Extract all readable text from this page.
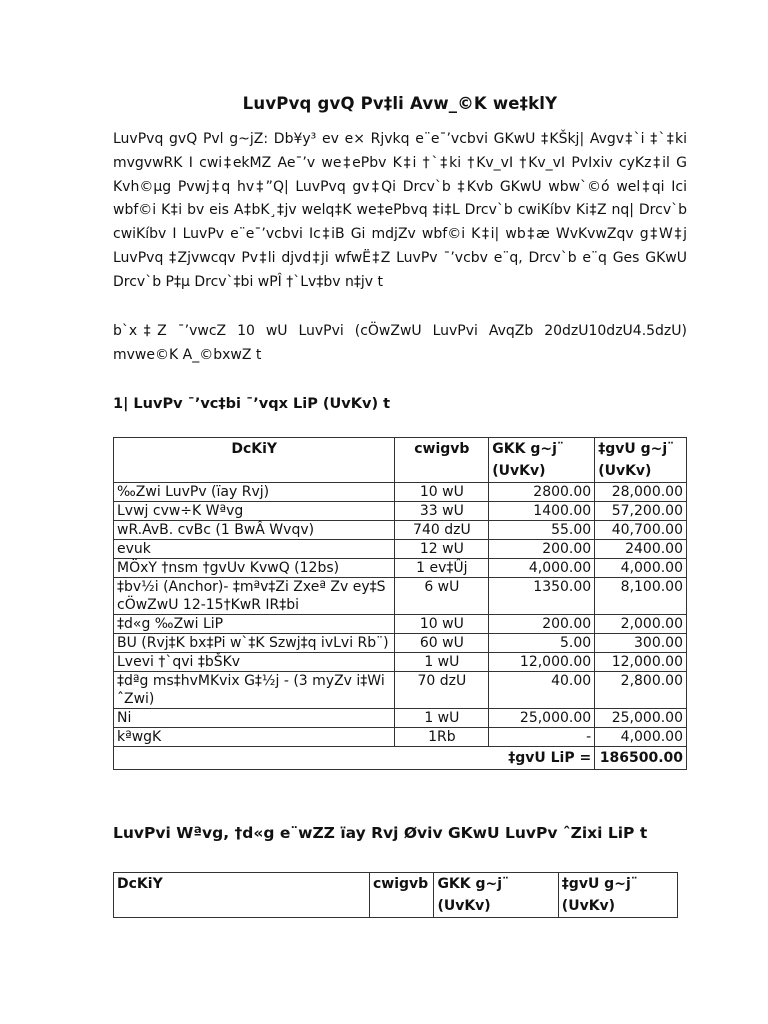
LuvPvq gvQ Pv‡li Avw_©K we‡klY
LuvPvq gvQ Pvl g~jZ: Db¥y³ ev e× Rjvkq e¨e¯’vcbvi GKwU ‡KŠkj| Avgv‡`i ‡`‡ki mvgvwRK I cwi‡ekMZ Ae¯’v we‡ePbv K‡i †`‡ki †Kv_vI †Kv_vI PvIxiv cyKz‡il G Kvh©µg Pvwj‡q hv‡”Q| LuvPvq gv‡Qi Drcv`b ‡Kvb GKwU wbw`©ó wel‡qi Ici wbf©i K‡i bv eis A‡bK¸‡jv welq‡K we‡ePbvq ‡i‡L Drcv`b cwiKíbv Ki‡Z nq| Drcv`b cwiKíbv I LuvPv e¨e¯’vcbvi Ic‡iB Gi mdjZv wbf©i K‡i| wb‡æ WvKvwZqv g‡W‡j LuvPvq ‡Zjvwcqv Pv‡li djvd‡ji wfwË‡Z LuvPv ¯’vcbv e¨q, Drcv`b e¨q Ges GKwU Drcv`b P‡µ Drcv`‡bi wPÎ †`Lv‡bv n‡jv t
b`x‡Z ¯’vwcZ 10 wU LuvPvi (cÖwZwU LuvPvi AvqZb 20dzU10dzU4.5dzU) mvwe©K A_©bxwZ t
1| LuvPv ¯’vc‡bi ¯’vqx LiP (UvKv) t
DcKiY	cwigvb	GKK g~j¨ (UvKv)	‡gvU g~j¨ (UvKv)
‰Zwi LuvPv (ïay Rvj)	10 wU	2800.00	28,000.00
Lvwj cvw÷K Wªvg	33 wU	1400.00	57,200.00
wR.AvB. cvBc (1 BwÂ Wvqv)	740 dzU	55.00	40,700.00
evuk	12 wU	200.00	2400.00
MÖxY †nsm †gvUv KvwQ (12bs)	1 ev‡Ûj	4,000.00	4,000.00
‡bv½i (Anchor)- ‡mªv‡Zi Zxeª Zv ey‡S cÖwZwU 12-15†KwR IR‡bi	6 wU	1350.00	8,100.00
‡d«g ‰Zwi LiP	10 wU	200.00	2,000.00
BU (Rvj‡K bx‡Pi w`‡K Szwj‡q ivLvi Rb¨)	60 wU	5.00	300.00
Lvevi †`qvi ‡bŠKv	1 wU	12,000.00	12,000.00
‡dªg ms‡hvMKvix G‡½j - (3 myZv i‡Wi ˆZwi)	70 dzU	40.00	2,800.00
Ni	1 wU	25,000.00	25,000.00
kªwgK	1Rb	-	4,000.00
‡gvU LiP =			186500.00
LuvPvi Wªvg, †d«g e¨wZZ ïay Rvj Øviv GKwU LuvPv ˆZixi LiP t
DcKiY	cwigvb	GKK g~j¨ (UvKv)	‡gvU g~j¨ (UvKv)
